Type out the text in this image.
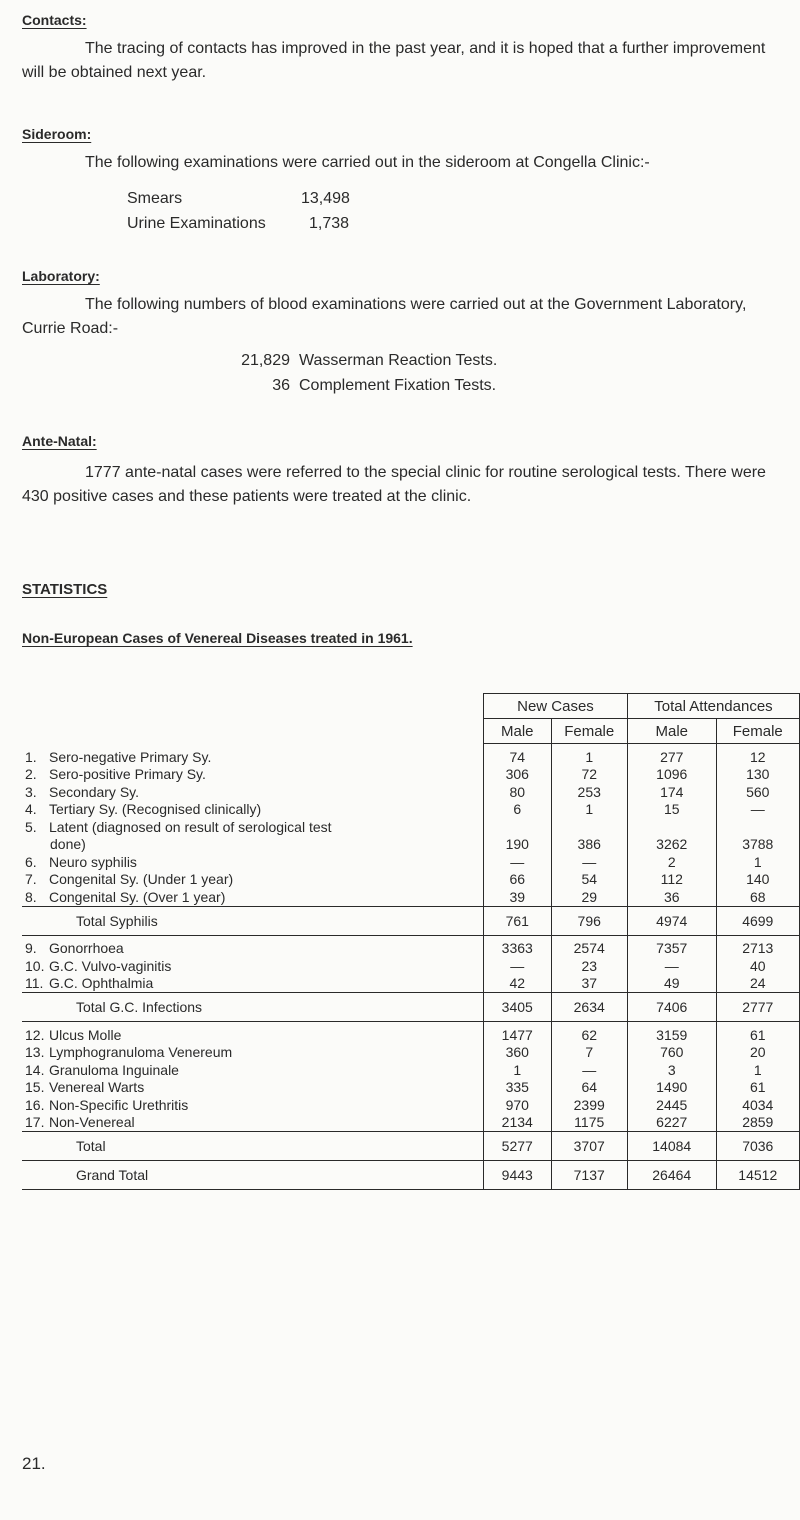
Contacts:
The tracing of contacts has improved in the past year, and it is hoped that a further improvement will be obtained next year.
Sideroom:
The following examinations were carried out in the sideroom at Congella Clinic:-
Smears	13,498
Urine Examinations	1,738
Laboratory:
The following numbers of blood examinations were carried out at the Government Laboratory, Currie Road:-
21,829 Wasserman Reaction Tests.
36 Complement Fixation Tests.
Ante-Natal:
1777 ante-natal cases were referred to the special clinic for routine serological tests. There were 430 positive cases and these patients were treated at the clinic.
STATISTICS
Non-European Cases of Venereal Diseases treated in 1961.
	New Cases		Total Attendances	
	Male	Female	Male	Female
1. Sero-negative Primary Sy.	74	1	277	12
2. Sero-positive Primary Sy.	306	72	1096	130
3. Secondary Sy.	80	253	174	560
4. Tertiary Sy. (Recognised clinically)	6	1	15	—
5. Latent (diagnosed on result of serological test				

done)	190	386	3262	3788
6. Neuro syphilis	—	—	2	1
7. Congenital Sy. (Under 1 year)	66	54	112	140
8. Congenital Sy. (Over 1 year)	39	29	36	68
Total Syphilis	761	796	4974	4699
9. Gonorrhoea	3363	2574	7357	2713
10. G.C. Vulvo-vaginitis	—	23	—	40
11. G.C. Ophthalmia	42	37	49	24
Total G.C. Infections	3405	2634	7406	2777
12. Ulcus Molle	1477	62	3159	61
13. Lymphogranuloma Venereum	360	7	760	20
14. Granuloma Inguinale	1	—	3	1
15. Venereal Warts	335	64	1490	61
16. Non-Specific Urethritis	970	2399	2445	4034
17. Non-Venereal	2134	1175	6227	2859
Total	5277	3707	14084	7036
Grand Total	9443	7137	26464	14512
21.
